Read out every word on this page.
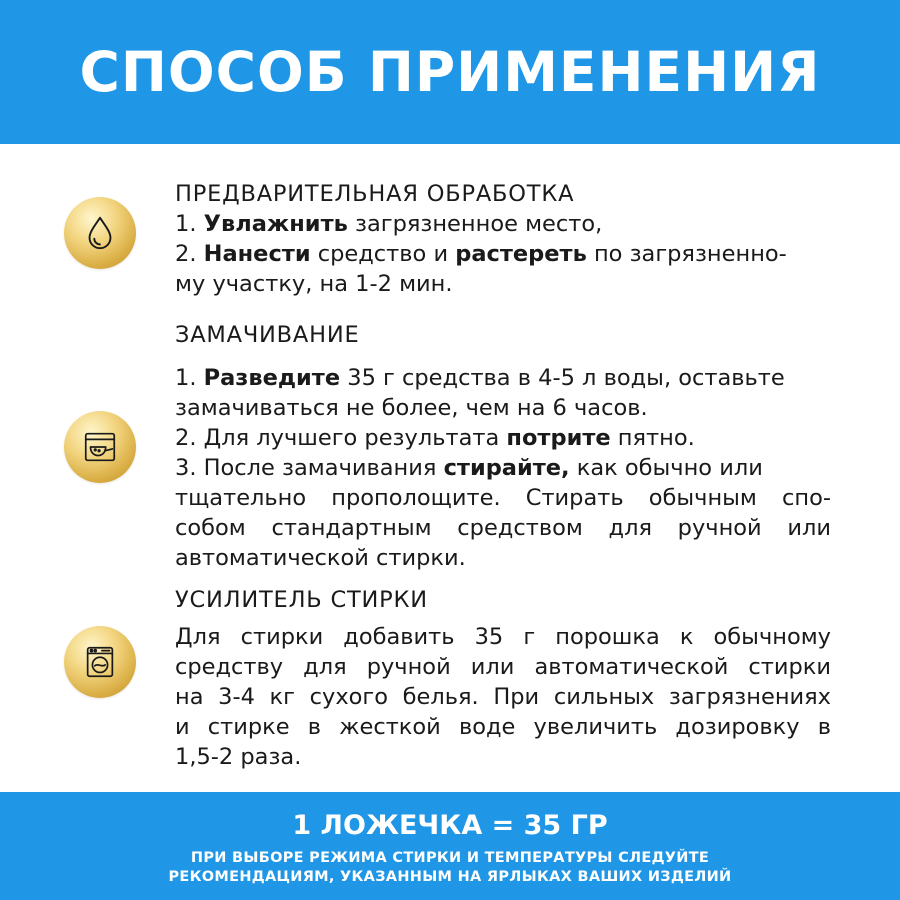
СПОСОБ ПРИМЕНЕНИЯ
ПРЕДВАРИТЕЛЬНАЯ ОБРАБОТКА
1. Увлажнить загрязненное место,
2. Нанести средство и растереть по загрязненно-
му участку, на 1-2 мин.
ЗАМАЧИВАНИЕ
1. Разведите 35 г средства в 4-5 л воды, оставьте
замачиваться не более, чем на 6 часов.
2. Для лучшего результата потрите пятно.
3. После замачивания стирайте, как обычно или
тщательно прополощите. Стирать обычным спо-
собом стандартным средством для ручной или
автоматической стирки.
УСИЛИТЕЛЬ СТИРКИ
Для стирки добавить 35 г порошка к обычному
средству для ручной или автоматической стирки
на 3-4 кг сухого белья. При сильных загрязнениях
и стирке в жесткой воде увеличить дозировку в
1,5-2 раза.
1 ЛОЖЕЧКА = 35 ГР
ПРИ ВЫБОРЕ РЕЖИМА СТИРКИ И ТЕМПЕРАТУРЫ СЛЕДУЙТЕ
РЕКОМЕНДАЦИЯМ, УКАЗАННЫМ НА ЯРЛЫКАХ ВАШИХ ИЗДЕЛИЙ
